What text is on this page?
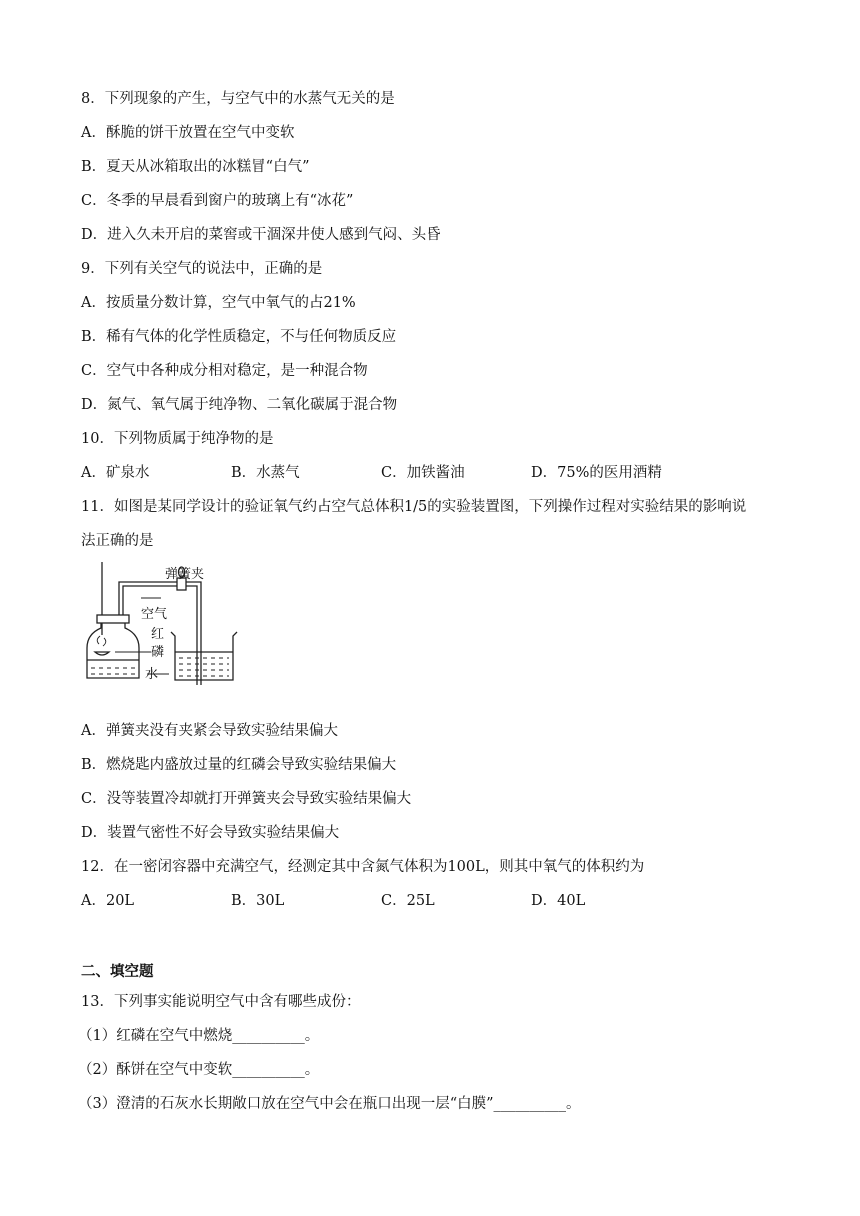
8．下列现象的产生，与空气中的水蒸气无关的是
A．酥脆的饼干放置在空气中变软
B．夏天从冰箱取出的冰糕冒“白气”
C．冬季的早晨看到窗户的玻璃上有“冰花”
D．进入久未开启的菜窖或干涸深井使人感到气闷、头昏
9．下列有关空气的说法中，正确的是
A．按质量分数计算，空气中氧气的占21%
B．稀有气体的化学性质稳定，不与任何物质反应
C．空气中各种成分相对稳定，是一种混合物
D．氮气、氧气属于纯净物、二氧化碳属于混合物
10．下列物质属于纯净物的是
A．矿泉水	B．水蒸气	C．加铁酱油	D．75%的医用酒精
11．如图是某同学设计的验证氧气约占空气总体积1/5的实验装置图，下列操作过程对实验结果的影响说
法正确的是
弹簧夹
空气
红
磷
水
A．弹簧夹没有夹紧会导致实验结果偏大
B．燃烧匙内盛放过量的红磷会导致实验结果偏大
C．没等装置冷却就打开弹簧夹会导致实验结果偏大
D．装置气密性不好会导致实验结果偏大
12．在一密闭容器中充满空气，经测定其中含氮气体积为100L，则其中氧气的体积约为
A．20L	B．30L	C．25L	D．40L
二、填空题
13．下列事实能说明空气中含有哪些成份：
（1）红磷在空气中燃烧__________。
（2）酥饼在空气中变软__________。
（3）澄清的石灰水长期敞口放在空气中会在瓶口出现一层“白膜”__________。
